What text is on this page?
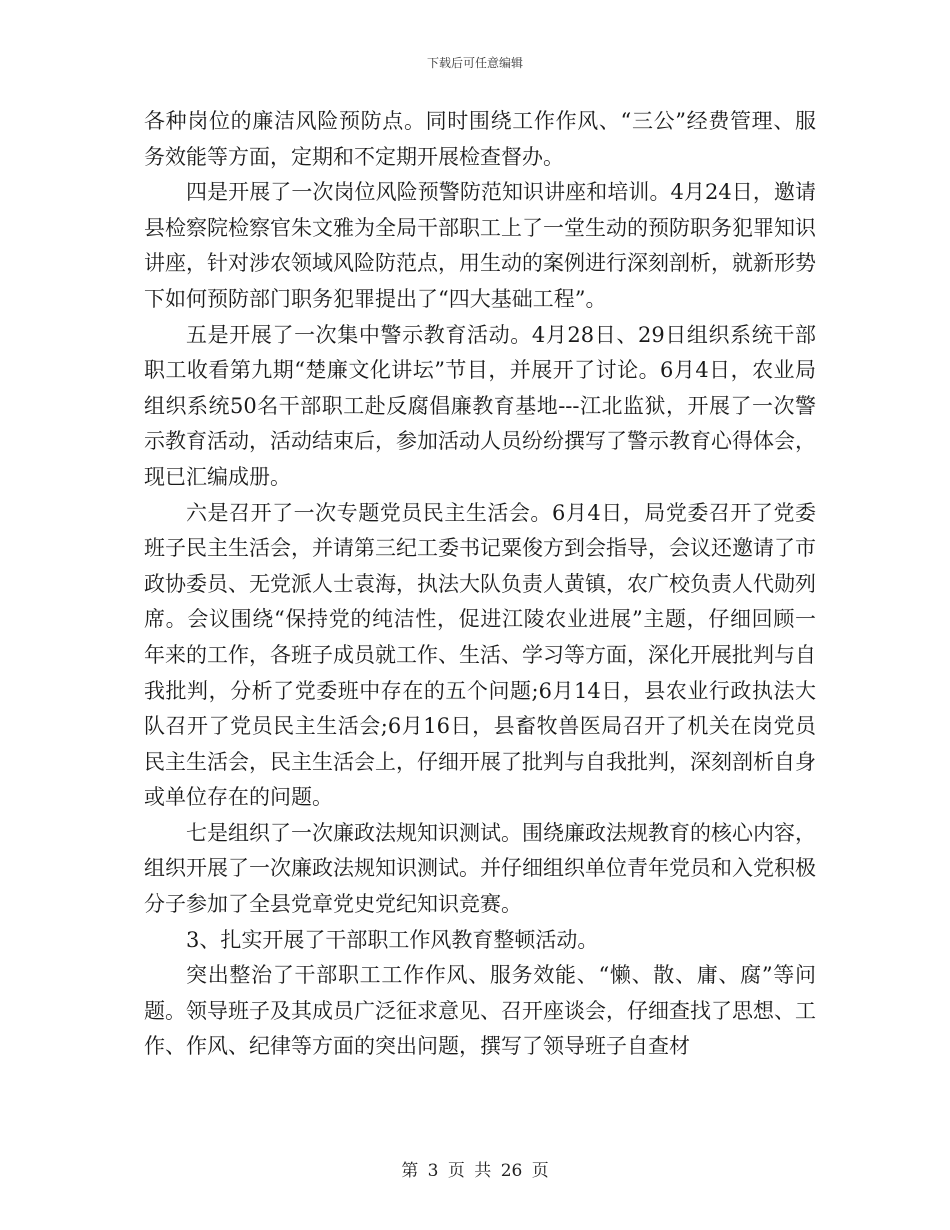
下载后可任意编辑

各种岗位的廉洁风险预防点。同时围绕工作作风、“三公”经费管理、服务效能等方面，定期和不定期开展检查督办。

四是开展了一次岗位风险预警防范知识讲座和培训。4月24日，邀请县检察院检察官朱文雅为全局干部职工上了一堂生动的预防职务犯罪知识讲座，针对涉农领域风险防范点，用生动的案例进行深刻剖析，就新形势下如何预防部门职务犯罪提出了“四大基础工程”。

五是开展了一次集中警示教育活动。4月28日、29日组织系统干部职工收看第九期“楚廉文化讲坛”节目，并展开了讨论。6月4日，农业局组织系统50名干部职工赴反腐倡廉教育基地---江北监狱，开展了一次警示教育活动，活动结束后，参加活动人员纷纷撰写了警示教育心得体会，现已汇编成册。

六是召开了一次专题党员民主生活会。6月4日，局党委召开了党委班子民主生活会，并请第三纪工委书记粟俊方到会指导，会议还邀请了市政协委员、无党派人士袁海，执法大队负责人黄镇，农广校负责人代勋列席。会议围绕“保持党的纯洁性，促进江陵农业进展”主题，仔细回顾一年来的工作，各班子成员就工作、生活、学习等方面，深化开展批判与自我批判，分析了党委班中存在的五个问题;6月14日，县农业行政执法大队召开了党员民主生活会;6月16日，县畜牧兽医局召开了机关在岗党员民主生活会，民主生活会上，仔细开展了批判与自我批判，深刻剖析自身或单位存在的问题。

七是组织了一次廉政法规知识测试。围绕廉政法规教育的核心内容，组织开展了一次廉政法规知识测试。并仔细组织单位青年党员和入党积极分子参加了全县党章党史党纪知识竞赛。

3、扎实开展了干部职工作风教育整顿活动。

突出整治了干部职工工作作风、服务效能、“懒、散、庸、腐”等问题。领导班子及其成员广泛征求意见、召开座谈会，仔细查找了思想、工作、作风、纪律等方面的突出问题，撰写了领导班子自查材

第 3 页 共 26 页
